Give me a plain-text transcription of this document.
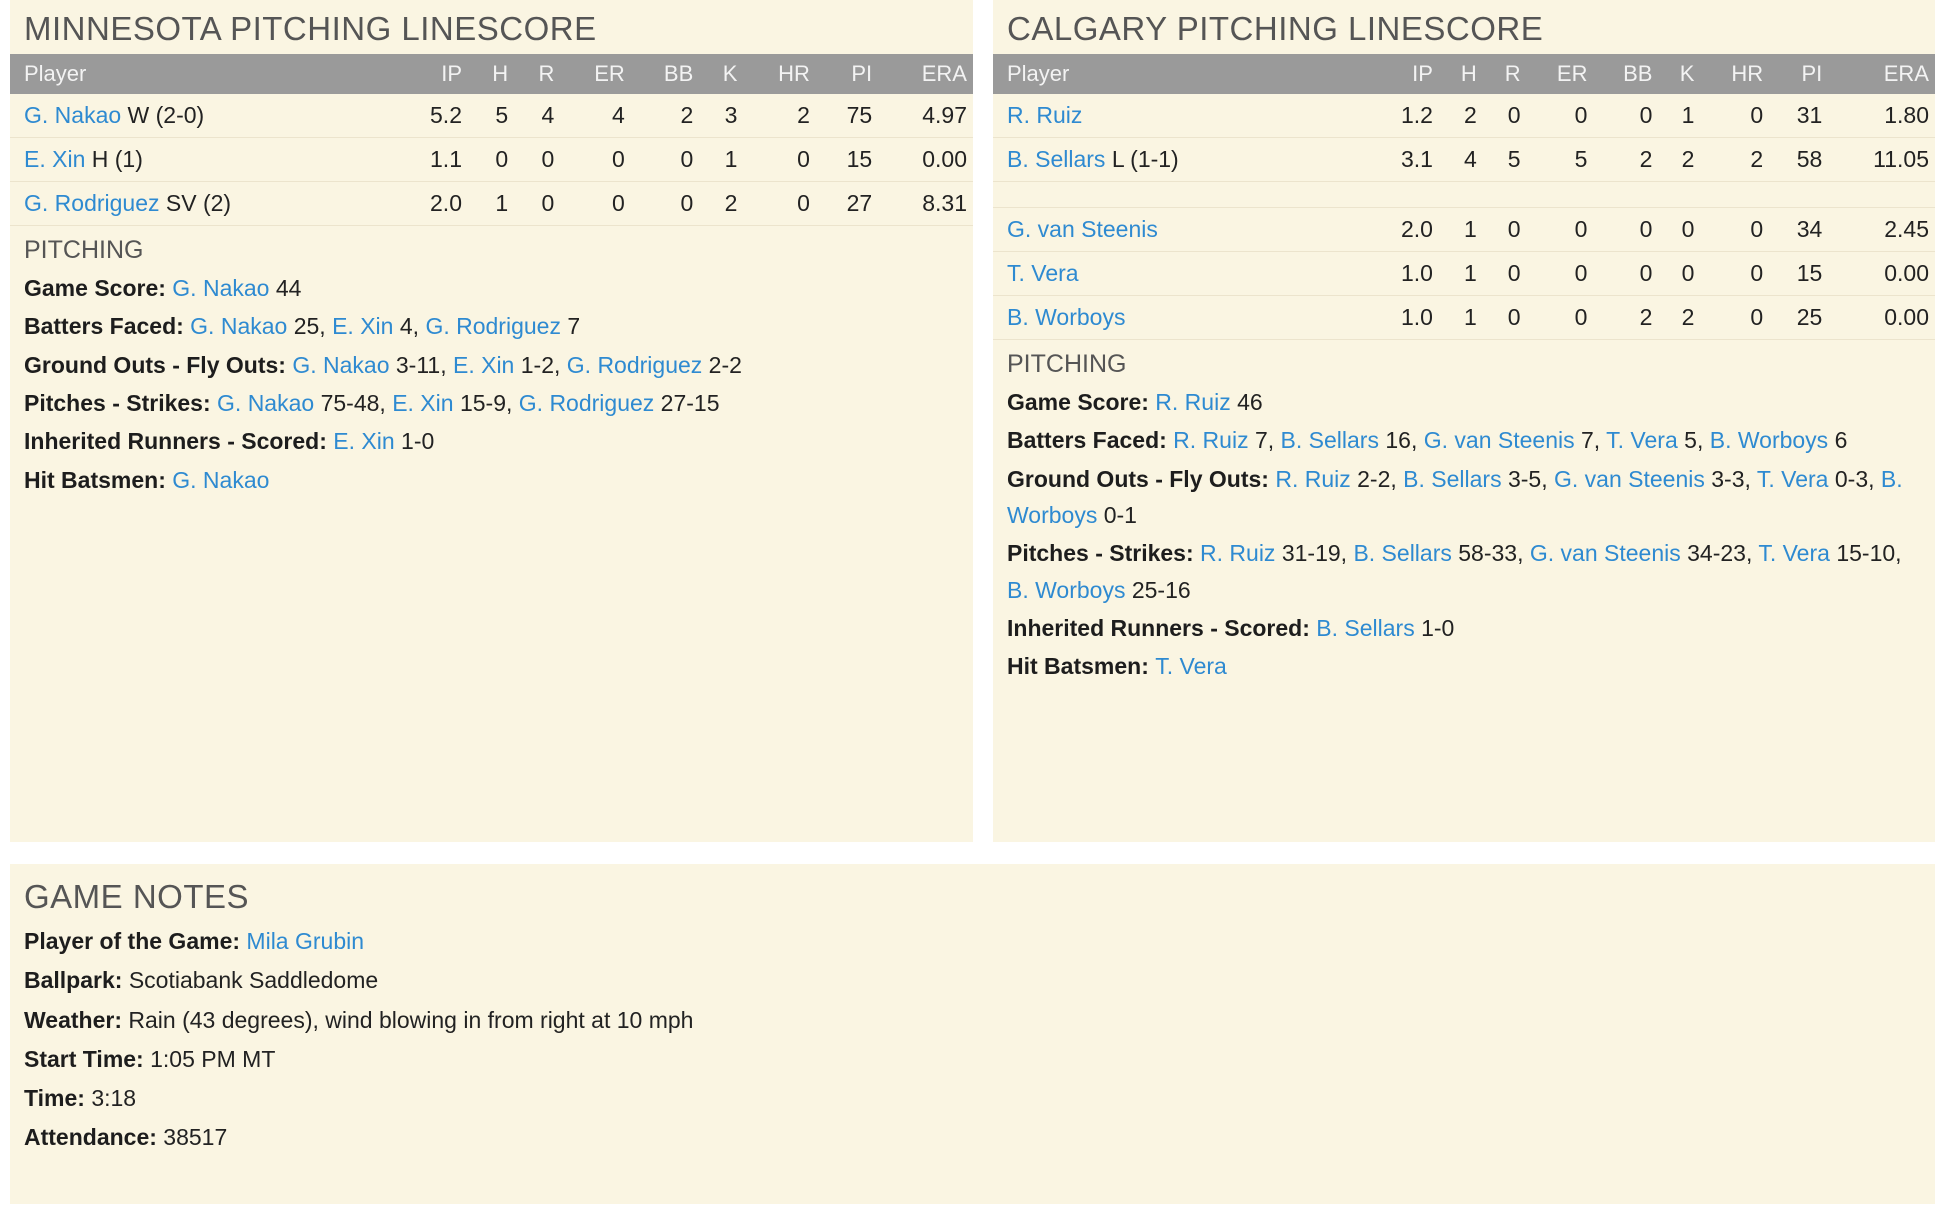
MINNESOTA PITCHING LINESCORE
Player	IP	H	R	ER	BB	K	HR	PI	ERA
G. Nakao W (2-0)	5.2	5	4	4	2	3	2	75	4.97
E. Xin H (1)	1.1	0	0	0	0	1	0	15	0.00
G. Rodriguez SV (2)	2.0	1	0	0	0	2	0	27	8.31
PITCHING
Game Score: G. Nakao 44
Batters Faced: G. Nakao 25, E. Xin 4, G. Rodriguez 7
Ground Outs - Fly Outs: G. Nakao 3-11, E. Xin 1-2, G. Rodriguez 2-2
Pitches - Strikes: G. Nakao 75-48, E. Xin 15-9, G. Rodriguez 27-15
Inherited Runners - Scored: E. Xin 1-0
Hit Batsmen: G. Nakao
CALGARY PITCHING LINESCORE
Player	IP	H	R	ER	BB	K	HR	PI	ERA
R. Ruiz	1.2	2	0	0	0	1	0	31	1.80
B. Sellars L (1-1)	3.1	4	5	5	2	2	2	58	11.05

G. van Steenis	2.0	1	0	0	0	0	0	34	2.45
T. Vera	1.0	1	0	0	0	0	0	15	0.00
B. Worboys	1.0	1	0	0	2	2	0	25	0.00
PITCHING
Game Score: R. Ruiz 46
Batters Faced: R. Ruiz 7, B. Sellars 16, G. van Steenis 7, T. Vera 5, B. Worboys 6
Ground Outs - Fly Outs: R. Ruiz 2-2, B. Sellars 3-5, G. van Steenis 3-3, T. Vera 0-3, B. Worboys 0-1
Pitches - Strikes: R. Ruiz 31-19, B. Sellars 58-33, G. van Steenis 34-23, T. Vera 15-10, B. Worboys 25-16
Inherited Runners - Scored: B. Sellars 1-0
Hit Batsmen: T. Vera
GAME NOTES
Player of the Game: Mila Grubin
Ballpark: Scotiabank Saddledome
Weather: Rain (43 degrees), wind blowing in from right at 10 mph
Start Time: 1:05 PM MT
Time: 3:18
Attendance: 38517
